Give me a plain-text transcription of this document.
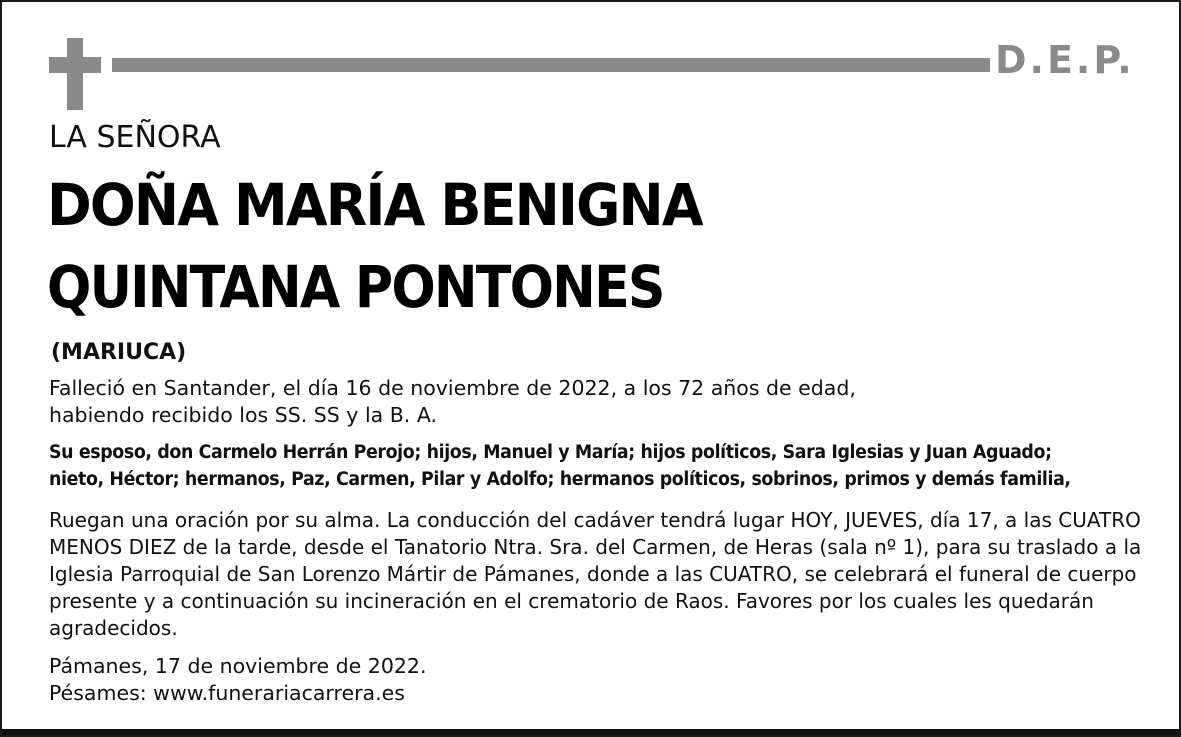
D.E.P.
LA SEÑORA
DOÑA MARÍA BENIGNA
QUINTANA PONTONES
(MARIUCA)
Falleció en Santander, el día 16 de noviembre de 2022, a los 72 años de edad,
habiendo recibido los SS. SS y la B. A.
Su esposo, don Carmelo Herrán Perojo; hijos, Manuel y María; hijos políticos, Sara Iglesias y Juan Aguado;
nieto, Héctor; hermanos, Paz, Carmen, Pilar y Adolfo; hermanos políticos, sobrinos, primos y demás familia,
Ruegan una oración por su alma. La conducción del cadáver tendrá lugar HOY, JUEVES, día 17, a las CUATRO
MENOS DIEZ de la tarde, desde el Tanatorio Ntra. Sra. del Carmen, de Heras (sala nº 1), para su traslado a la
Iglesia Parroquial de San Lorenzo Mártir de Pámanes, donde a las CUATRO, se celebrará el funeral de cuerpo
presente y a continuación su incineración en el crematorio de Raos. Favores por los cuales les quedarán
agradecidos.
Pámanes, 17 de noviembre de 2022.
Pésames: www.funerariacarrera.es
